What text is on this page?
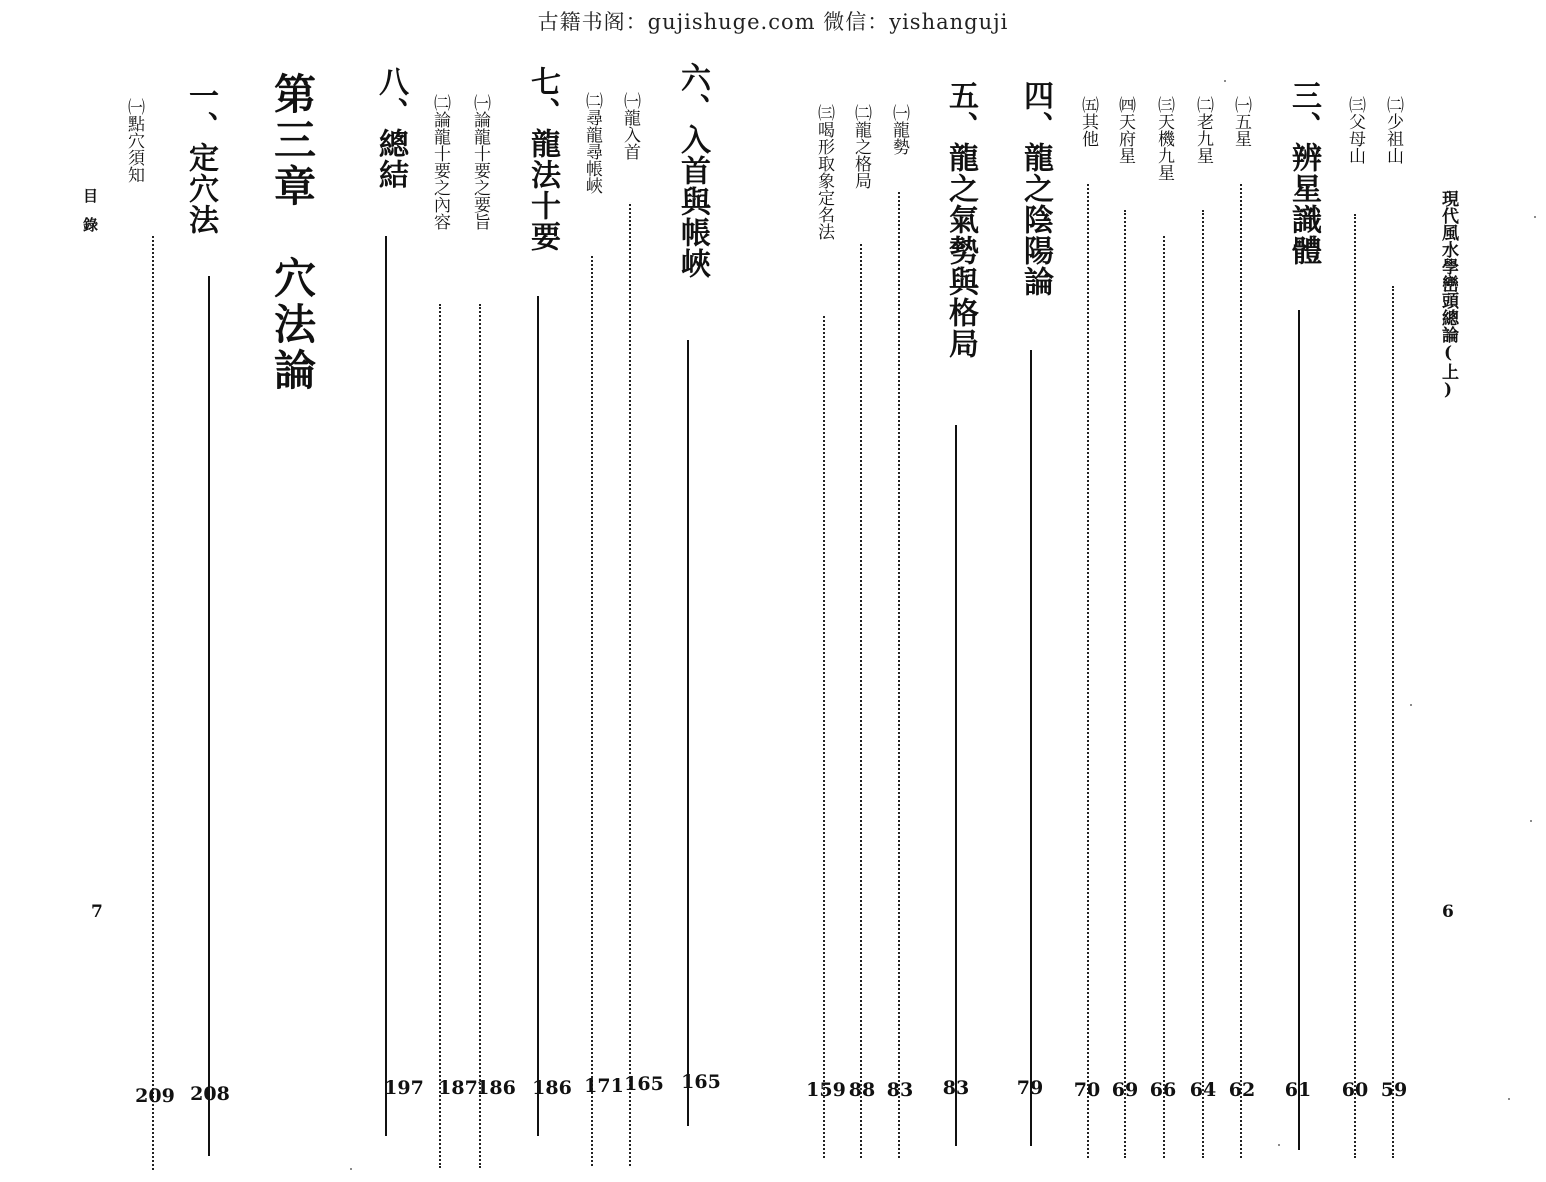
古籍书阁：gujishuge.com 微信：yishanguji
現代風水學巒頭總論(上)
6
㈡少祖山
59
㈢父母山
60
三、辨星識體
61
㈠五星
62
㈡老九星
64
㈢天機九星
66
㈣天府星
69
㈤其他
70
四、龍之陰陽論
79
五、龍之氣勢與格局
83
㈠龍勢
83
㈡龍之格局
88
㈢喝形取象定名法
159
六、入首與帳峽
165
㈠龍入首
165
㈡尋龍尋帳峽
171
七、龍法十要
186
㈠論龍十要之要旨
186
㈡論龍十要之內容
187
八、總結
197
第三章　穴法論
一、定穴法
208
㈠點穴須知
209
目錄
7
